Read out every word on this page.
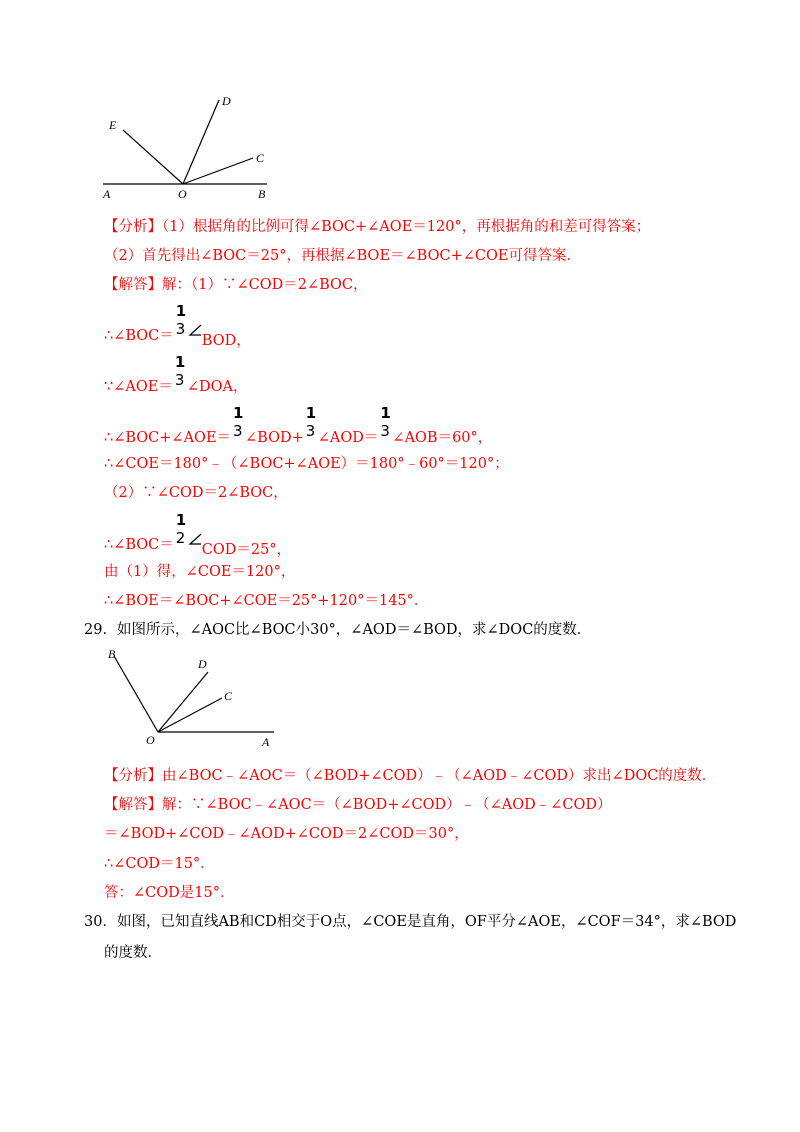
D
E
C
A	O	B
【分析】（1）根据角的比例可得∠BOC+∠AOE＝120°，再根据角的和差可得答案；
（2）首先得出∠BOC＝25°，再根据∠BOE＝∠BOC+∠COE可得答案．
【解答】解：（1）∵∠COD＝2∠BOC，
∴∠BOC＝
1
3
BOD，
∵∠AOE＝
1
3 ∠DOA，
∴∠BOC+∠AOE＝
1
3 ∠BOD+
1
3 ∠AOD＝
1
3 ∠AOB＝60°，
∴∠COE＝180°﹣（∠BOC+∠AOE）＝180°﹣60°＝120°；
（2）∵∠COD＝2∠BOC，
∴∠BOC＝
1
2
COD＝25°，
由（1）得，∠COE＝120°，
∴∠BOE＝∠BOC+∠COE＝25°+120°＝145°．
29．如图所示，∠AOC比∠BOC小30°，∠AOD＝∠BOD，求∠DOC的度数．
B
D
C
O	A
【分析】由∠BOC﹣∠AOC＝（∠BOD+∠COD）﹣（∠AOD﹣∠COD）求出∠DOC的度数．
【解答】解：∵∠BOC﹣∠AOC＝（∠BOD+∠COD）﹣（∠AOD﹣∠COD）
＝∠BOD+∠COD﹣∠AOD+∠COD＝2∠COD＝30°，
∴∠COD＝15°．
答：∠COD是15°．
30．如图，已知直线AB和CD相交于O点，∠COE是直角，OF平分∠AOE，∠COF＝34°，求∠BOD
的度数．
